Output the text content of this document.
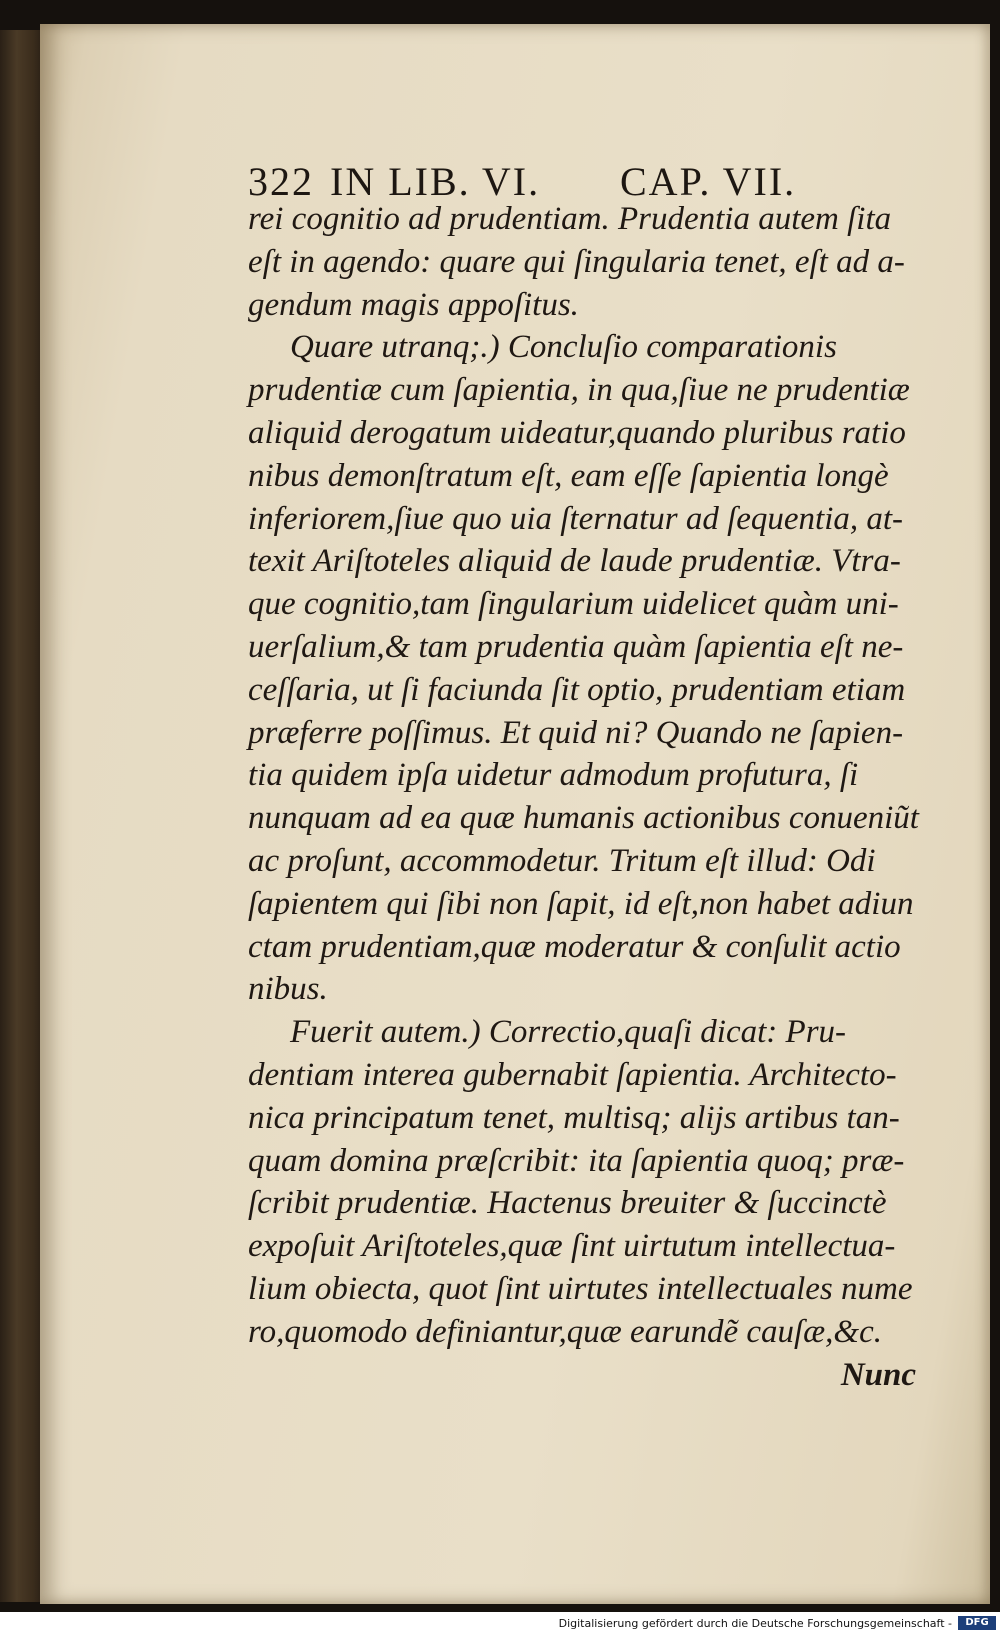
322 IN LIB. VI. CAP. VII.
rei cognitio ad prudentiam. Prudentia autem ſita
eſt in agendo: quare qui ſingularia tenet, eſt ad a-
gendum magis appoſitus.
Quare utranq;.) Concluſio comparationis
prudentiæ cum ſapientia, in qua,ſiue ne prudentiæ
aliquid derogatum uideatur,quando pluribus ratio
nibus demonſtratum eſt, eam eſſe ſapientia longè
inferiorem,ſiue quo uia ſternatur ad ſequentia, at-
texit Ariſtoteles aliquid de laude prudentiæ. Vtra-
que cognitio,tam ſingularium uidelicet quàm uni-
uerſalium,& tam prudentia quàm ſapientia eſt ne-
ceſſaria, ut ſi faciunda ſit optio, prudentiam etiam
præferre poſſimus. Et quid ni? Quando ne ſapien-
tia quidem ipſa uidetur admodum profutura, ſi
nunquam ad ea quæ humanis actionibus conueniũt
ac proſunt, accommodetur. Tritum eſt illud: Odi
ſapientem qui ſibi non ſapit, id eſt,non habet adiun
ctam prudentiam,quæ moderatur & conſulit actio
nibus.
Fuerit autem.) Correctio,quaſi dicat: Pru-
dentiam interea gubernabit ſapientia. Architecto-
nica principatum tenet, multisq; alijs artibus tan-
quam domina præſcribit: ita ſapientia quoq; præ-
ſcribit prudentiæ. Hactenus breuiter & ſuccinctè
expoſuit Ariſtoteles,quæ ſint uirtutum intellectua-
lium obiecta, quot ſint uirtutes intellectuales nume
ro,quomodo definiantur,quæ earundẽ cauſæ,&c.
Nunc
Digitalisierung gefördert durch die Deutsche Forschungsgemeinschaft -	DFG
